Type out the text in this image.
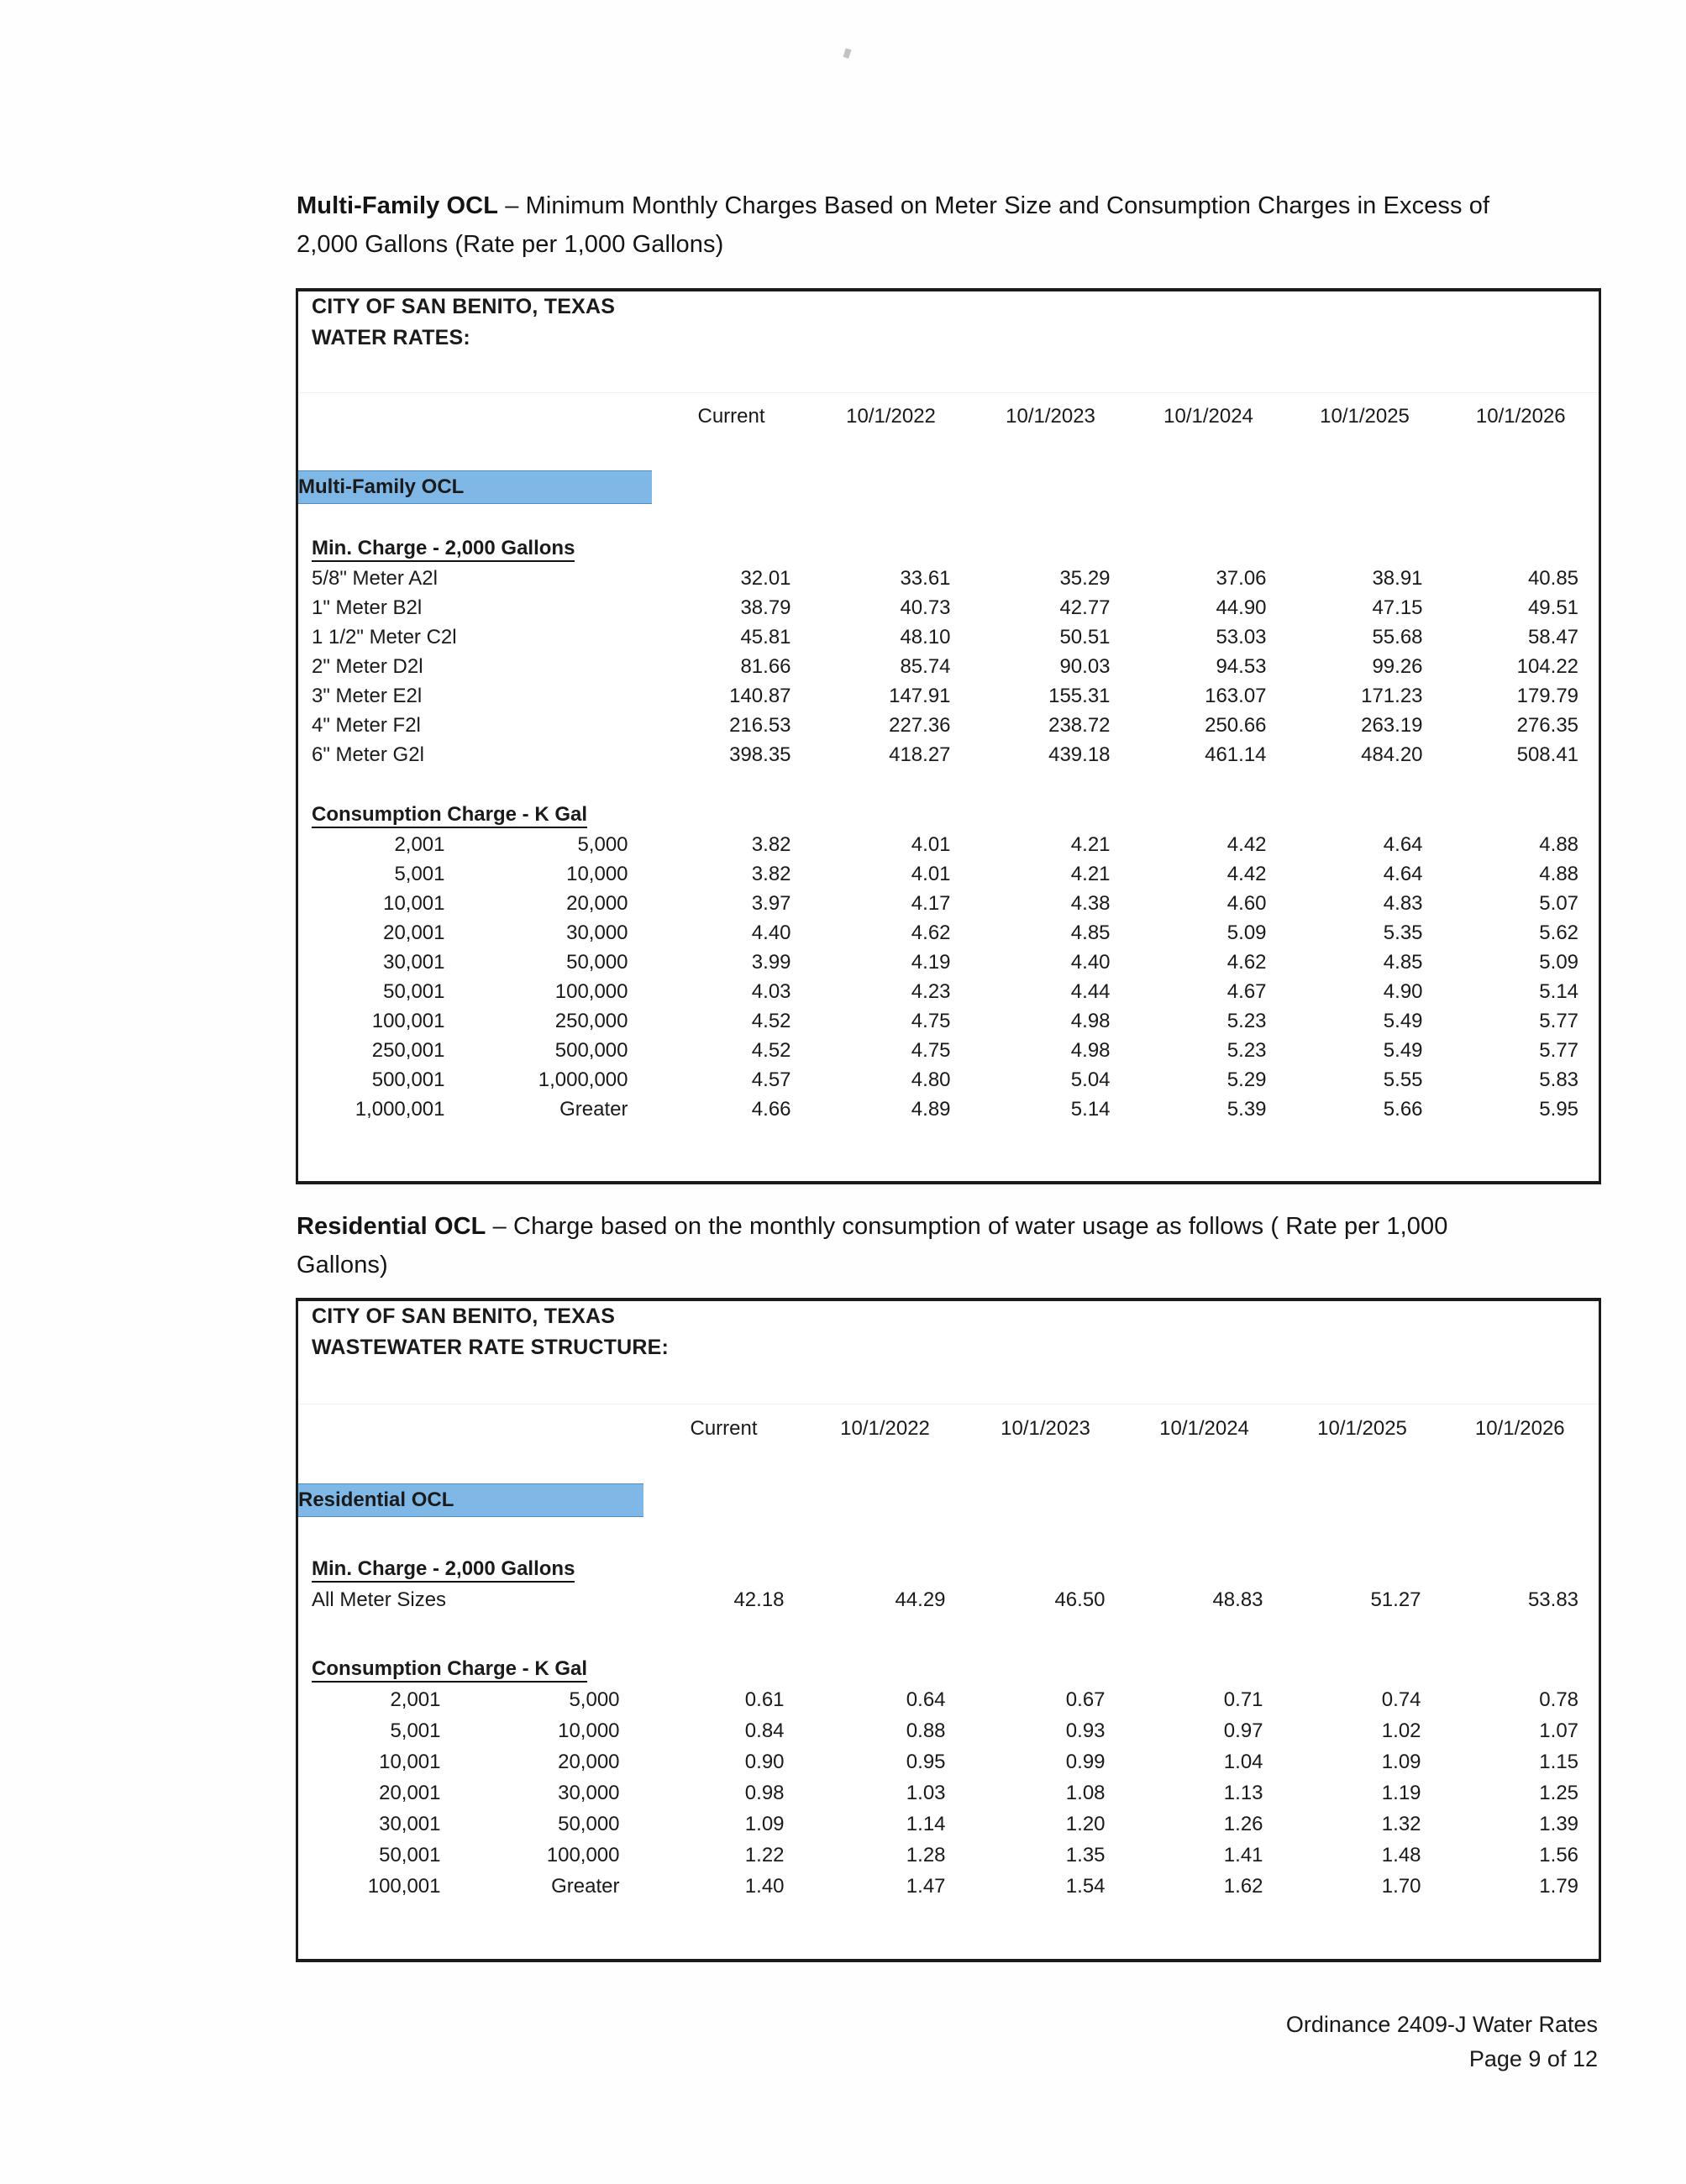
Multi-Family OCL – Minimum Monthly Charges Based on Meter Size and Consumption Charges in Excess of 2,000 Gallons (Rate per 1,000 Gallons)
CITY OF SAN BENITO, TEXAS							
WATER RATES:							

		Current	10/1/2022	10/1/2023	10/1/2024	10/1/2025	10/1/2026

Multi-Family OCL							

Min. Charge - 2,000 Gallons							
5/8" Meter A2l		32.01	33.61	35.29	37.06	38.91	40.85
1" Meter B2l		38.79	40.73	42.77	44.90	47.15	49.51
1 1/2" Meter C2l		45.81	48.10	50.51	53.03	55.68	58.47
2" Meter D2l		81.66	85.74	90.03	94.53	99.26	104.22
3" Meter E2l		140.87	147.91	155.31	163.07	171.23	179.79
4" Meter F2l		216.53	227.36	238.72	250.66	263.19	276.35
6" Meter G2l		398.35	418.27	439.18	461.14	484.20	508.41

Consumption Charge - K Gal							
2,001	5,000	3.82	4.01	4.21	4.42	4.64	4.88
5,001	10,000	3.82	4.01	4.21	4.42	4.64	4.88
10,001	20,000	3.97	4.17	4.38	4.60	4.83	5.07
20,001	30,000	4.40	4.62	4.85	5.09	5.35	5.62
30,001	50,000	3.99	4.19	4.40	4.62	4.85	5.09
50,001	100,000	4.03	4.23	4.44	4.67	4.90	5.14
100,001	250,000	4.52	4.75	4.98	5.23	5.49	5.77
250,001	500,000	4.52	4.75	4.98	5.23	5.49	5.77
500,001	1,000,000	4.57	4.80	5.04	5.29	5.55	5.83
1,000,001	Greater	4.66	4.89	5.14	5.39	5.66	5.95

Residential OCL – Charge based on the monthly consumption of water usage as follows ( Rate per 1,000 Gallons)
CITY OF SAN BENITO, TEXAS							
WASTEWATER RATE STRUCTURE:							

		Current	10/1/2022	10/1/2023	10/1/2024	10/1/2025	10/1/2026

Residential OCL							

Min. Charge - 2,000 Gallons							
All Meter Sizes		42.18	44.29	46.50	48.83	51.27	53.83

Consumption Charge - K Gal							
2,001	5,000	0.61	0.64	0.67	0.71	0.74	0.78
5,001	10,000	0.84	0.88	0.93	0.97	1.02	1.07
10,001	20,000	0.90	0.95	0.99	1.04	1.09	1.15
20,001	30,000	0.98	1.03	1.08	1.13	1.19	1.25
30,001	50,000	1.09	1.14	1.20	1.26	1.32	1.39
50,001	100,000	1.22	1.28	1.35	1.41	1.48	1.56
100,001	Greater	1.40	1.47	1.54	1.62	1.70	1.79

Ordinance 2409-J Water Rates
Page 9 of 12
